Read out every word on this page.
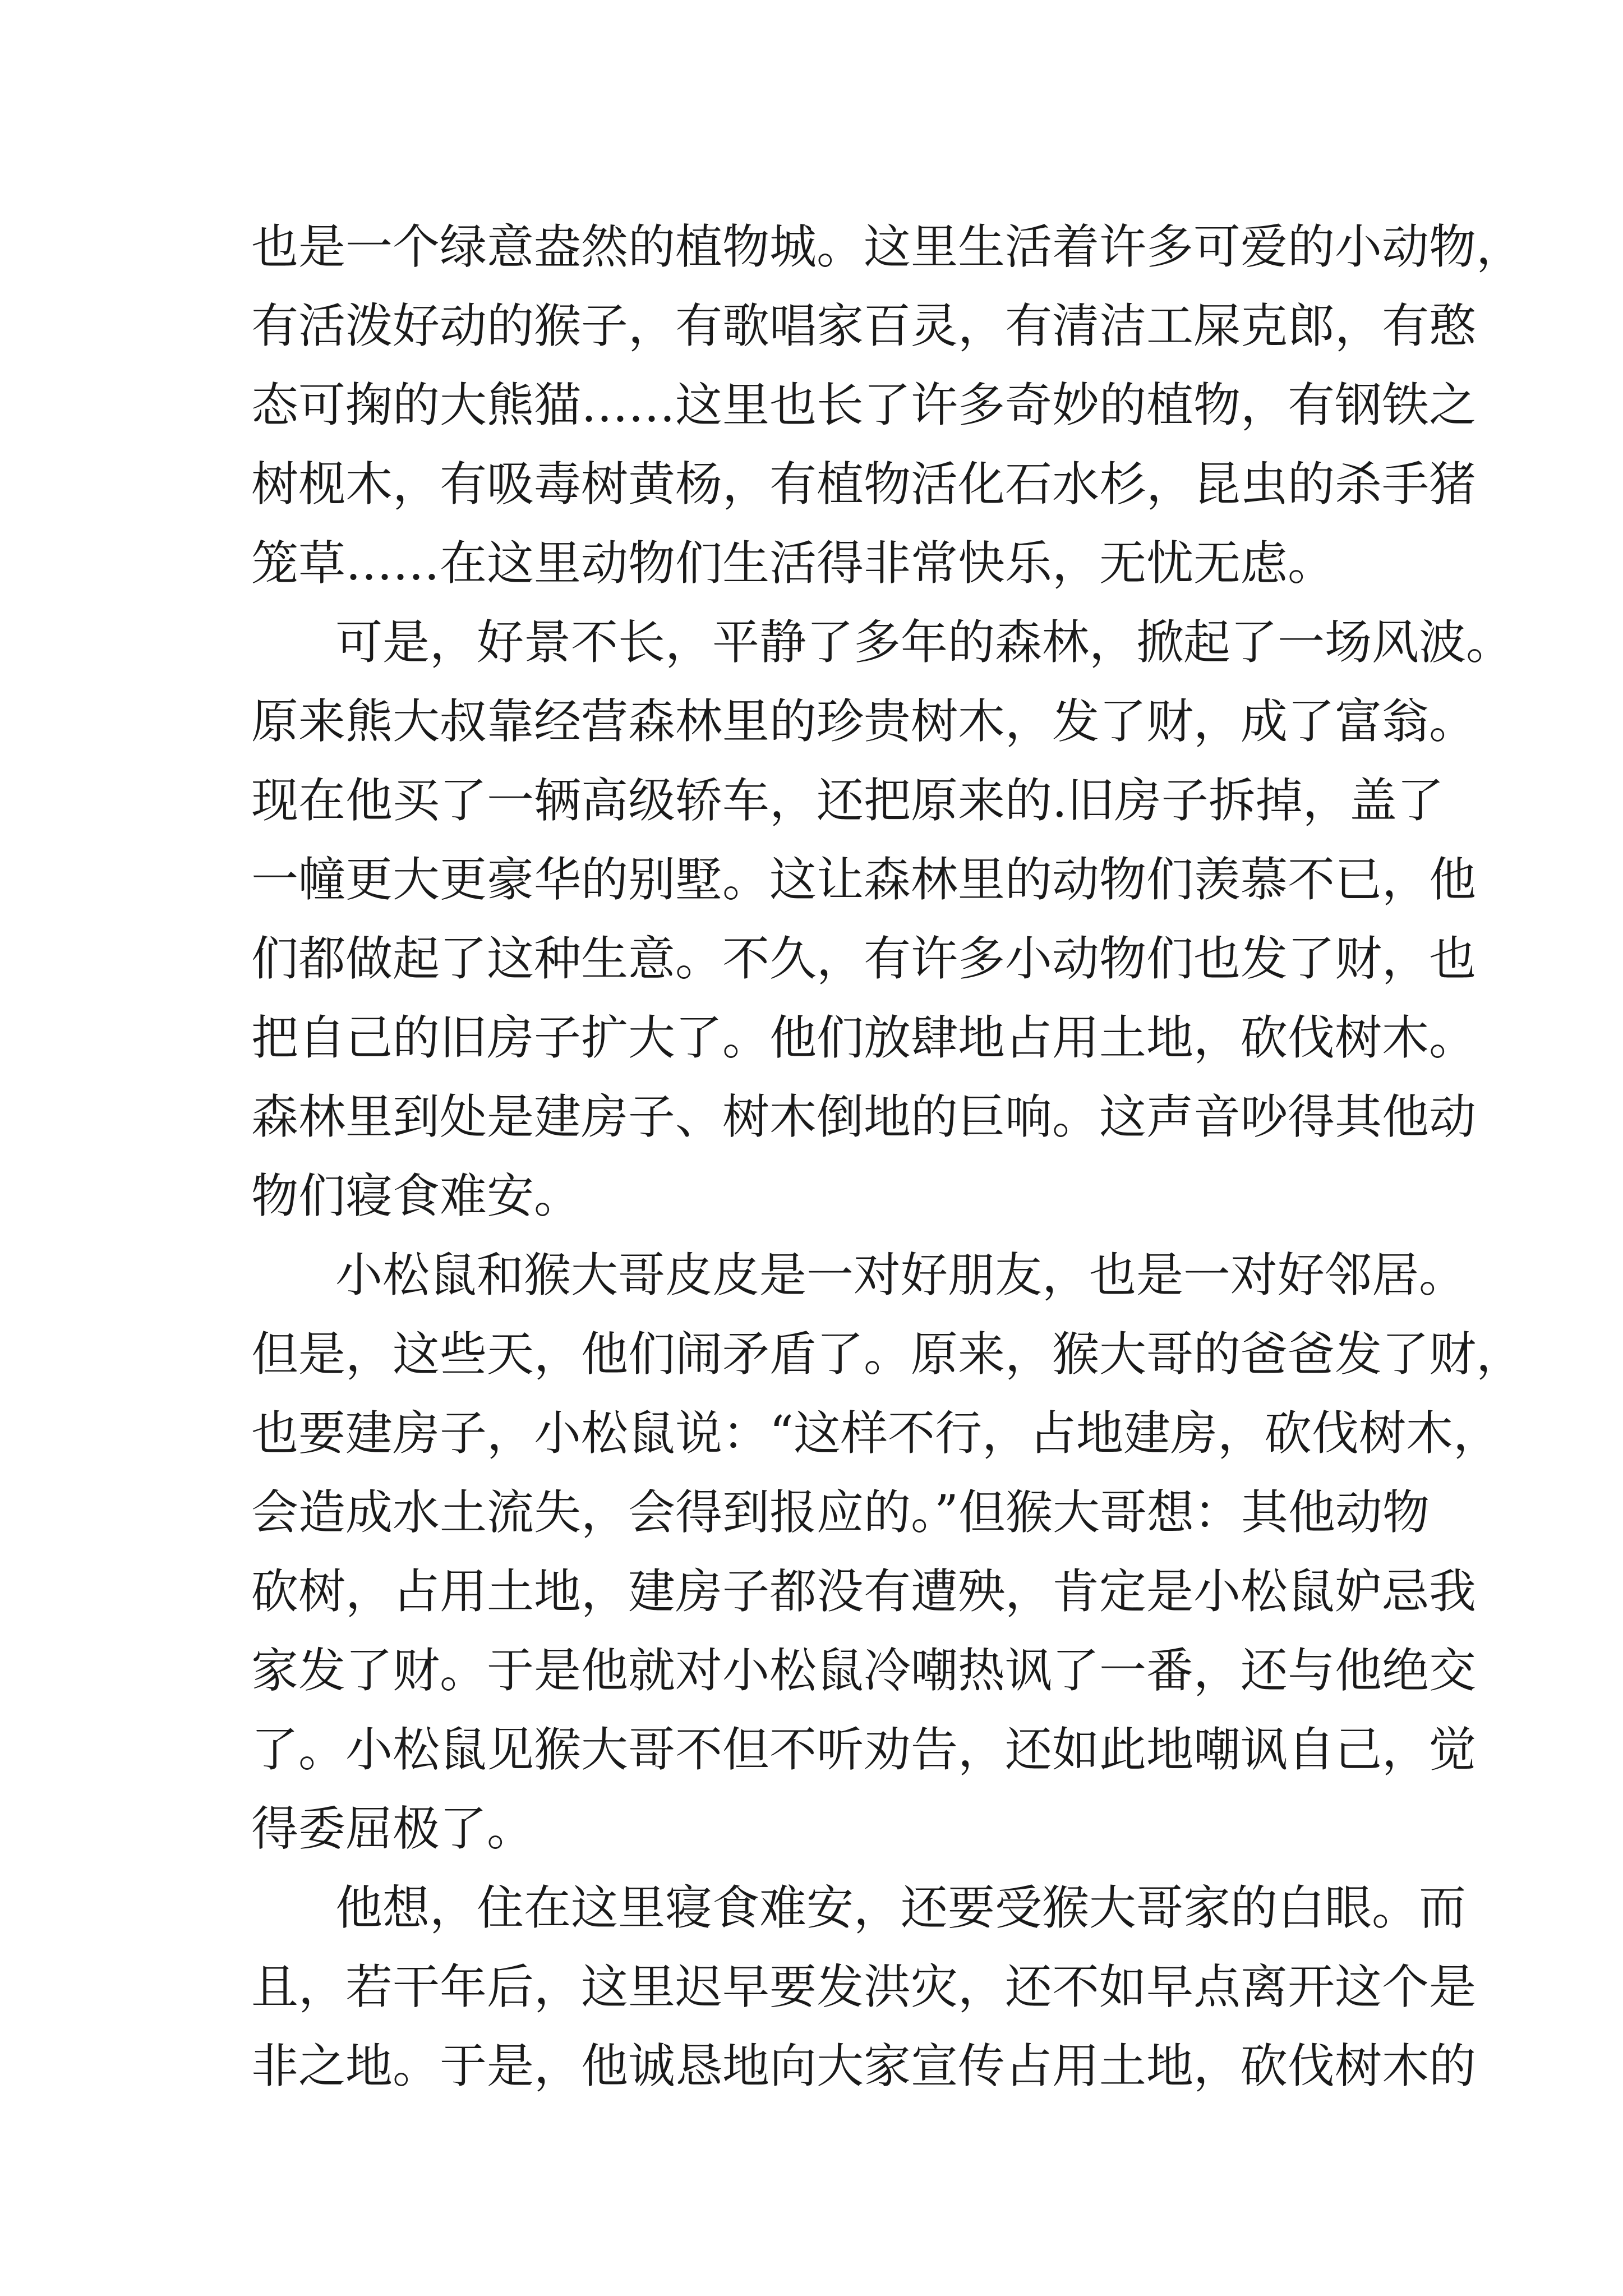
也是一个绿意盎然的植物城。这里生活着许多可爱的小动物，

有活泼好动的猴子，有歌唱家百灵，有清洁工屎克郎，有憨

态可掬的大熊猫……这里也长了许多奇妙的植物，有钢铁之

树枧木，有吸毒树黄杨，有植物活化石水杉，昆虫的杀手猪

笼草……在这里动物们生活得非常快乐，无忧无虑。

可是，好景不长，平静了多年的森林，掀起了一场风波。

原来熊大叔靠经营森林里的珍贵树木，发了财，成了富翁。

现在他买了一辆高级轿车，还把原来的.旧房子拆掉，盖了

一幢更大更豪华的别墅。这让森林里的动物们羡慕不已，他

们都做起了这种生意。不久，有许多小动物们也发了财，也

把自己的旧房子扩大了。他们放肆地占用土地，砍伐树木。

森林里到处是建房子、树木倒地的巨响。这声音吵得其他动

物们寝食难安。

小松鼠和猴大哥皮皮是一对好朋友，也是一对好邻居。

但是，这些天，他们闹矛盾了。原来，猴大哥的爸爸发了财，

也要建房子，小松鼠说：“这样不行，占地建房，砍伐树木，

会造成水土流失，会得到报应的。”但猴大哥想：其他动物

砍树，占用土地，建房子都没有遭殃，肯定是小松鼠妒忌我

家发了财。于是他就对小松鼠冷嘲热讽了一番，还与他绝交

了。小松鼠见猴大哥不但不听劝告，还如此地嘲讽自己，觉

得委屈极了。

他想，住在这里寝食难安，还要受猴大哥家的白眼。而

且，若干年后，这里迟早要发洪灾，还不如早点离开这个是

非之地。于是，他诚恳地向大家宣传占用土地，砍伐树木的
